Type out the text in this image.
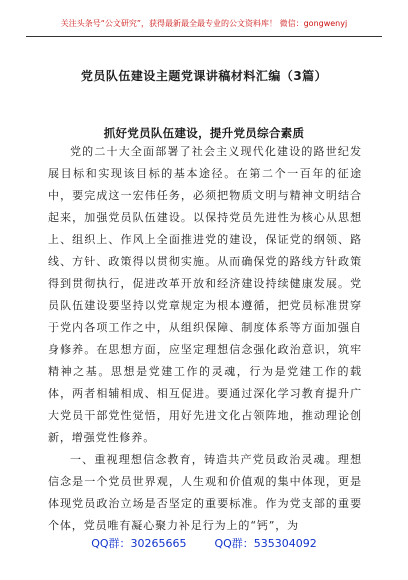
关注头条号“公文研究”，获得最新最全最专业的公文资料库！ 微信：gongwenyj
党员队伍建设主题党课讲稿材料汇编（3篇）
抓好党员队伍建设，提升党员综合素质

党的二十大全面部署了社会主义现代化建设的路世纪发展目标和实现该目标的基本途径。在第二个一百年的征途中，要完成这一宏伟任务，必须把物质文明与精神文明结合起来，加强党员队伍建设。以保持党员先进性为核心从思想上、组织上、作风上全面推进党的建设，保证党的纲领、路线、方针、政策得以贯彻实施。从而确保党的路线方针政策得到贯彻执行，促进改革开放和经济建设持续健康发展。党员队伍建设要坚持以党章规定为根本遵循，把党员标准贯穿于党内各项工作之中，从组织保障、制度体系等方面加强自身修养。在思想方面，应坚定理想信念强化政治意识，筑牢精神之基。思想是党建工作的灵魂，行为是党建工作的载体，两者相辅相成、相互促进。要通过深化学习教育提升广大党员干部党性觉悟，用好先进文化占领阵地，推动理论创新，增强党性修养。

一、重视理想信念教育，铸造共产党员政治灵魂。理想信念是一个党员世界观，人生观和价值观的集中体现，更是体现党员政治立场是否坚定的重要标准。作为党支部的重要个体，党员唯有凝心聚力补足行为上的“钙”，为

QQ群：30265665        QQ群：535304092
